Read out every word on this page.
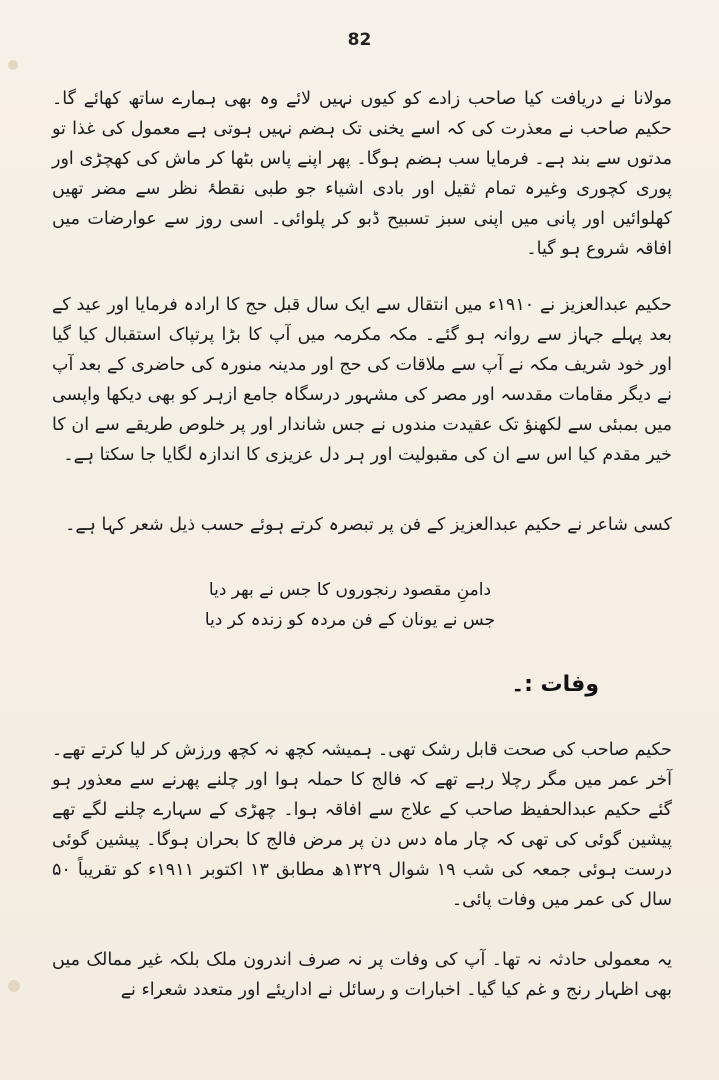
82

مولانا نے دریافت کیا صاحب زادے کو کیوں نہیں لائے وہ بھی ہمارے ساتھ کھائے گا۔ حکیم صاحب نے معذرت کی کہ اسے یخنی تک ہضم نہیں ہوتی ہے معمول کی غذا تو مدتوں سے بند ہے۔ فرمایا سب ہضم ہوگا۔ پھر اپنے پاس بٹھا کر ماش کی کھچڑی اور پوری کچوری وغیرہ تمام ثقیل اور بادی اشیاء جو طبی نقطۂ نظر سے مضر تھیں کھلوائیں اور پانی میں اپنی سبز تسبیح ڈبو کر پلوائی۔ اسی روز سے عوارضات میں افاقہ شروع ہو گیا۔

حکیم عبدالعزیز نے ۱۹۱۰ء میں انتقال سے ایک سال قبل حج کا ارادہ فرمایا اور عید کے بعد پہلے جہاز سے روانہ ہو گئے۔ مکہ مکرمہ میں آپ کا بڑا پرتپاک استقبال کیا گیا اور خود شریف مکہ نے آپ سے ملاقات کی حج اور مدینہ منورہ کی حاضری کے بعد آپ نے دیگر مقامات مقدسہ اور مصر کی مشہور درسگاہ جامع ازہر کو بھی دیکھا واپسی میں بمبئی سے لکھنؤ تک عقیدت مندوں نے جس شاندار اور پر خلوص طریقے سے ان کا خیر مقدم کیا اس سے ان کی مقبولیت اور ہر دل عزیزی کا اندازہ لگایا جا سکتا ہے۔

کسی شاعر نے حکیم عبدالعزیز کے فن پر تبصرہ کرتے ہوئے حسب ذیل شعر کہا ہے۔

دامنِ مقصود رنجوروں کا جس نے بھر دیا
جس نے یونان کے فن مردہ کو زندہ کر دیا
وفات :۔

حکیم صاحب کی صحت قابل رشک تھی۔ ہمیشہ کچھ نہ کچھ ورزش کر لیا کرتے تھے۔ آخر عمر میں مگر رچلا رہے تھے کہ فالج کا حملہ ہوا اور چلنے پھرنے سے معذور ہو گئے حکیم عبدالحفیظ صاحب کے علاج سے افاقہ ہوا۔ چھڑی کے سہارے چلنے لگے تھے پیشین گوئی کی تھی کہ چار ماہ دس دن پر مرض فالج کا بحران ہوگا۔ پیشین گوئی درست ہوئی جمعہ کی شب ۱۹ شوال ۱۳۲۹ھ مطابق ۱۳ اکتوبر ۱۹۱۱ء کو تقریباً ۵۰ سال کی عمر میں وفات پائی۔

یہ معمولی حادثہ نہ تھا۔ آپ کی وفات پر نہ صرف اندرون ملک بلکہ غیر ممالک میں بھی اظہار رنج و غم کیا گیا۔ اخبارات و رسائل نے اداریئے اور متعدد شعراء نے
